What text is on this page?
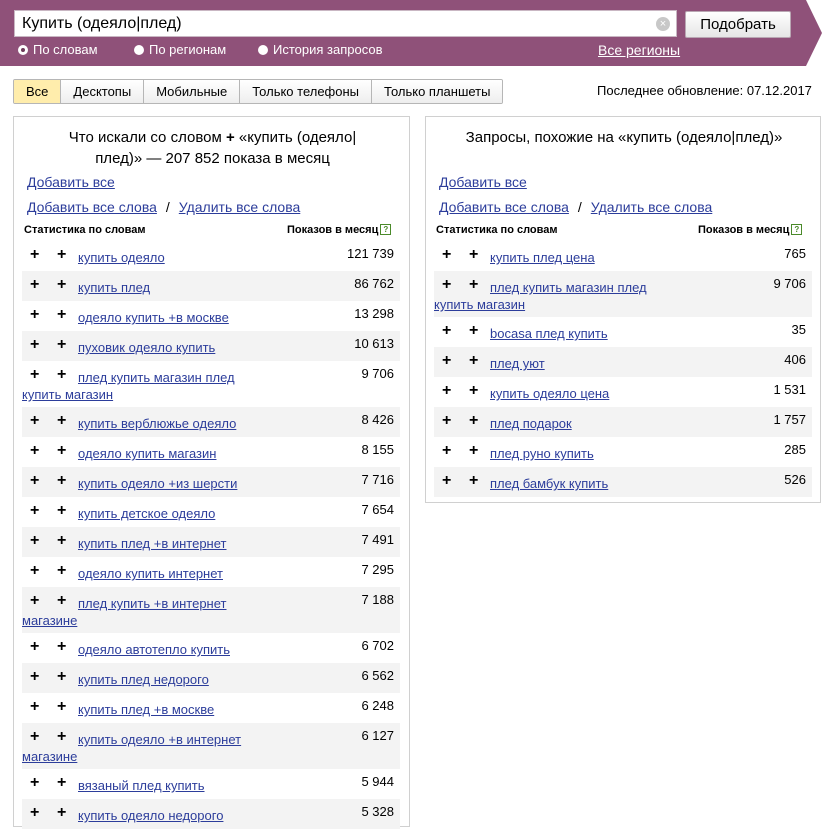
Купить (одеяло|плед)	×	Подобрать
По словам	По регионам	История запросов	Все регионы
Все	Десктопы	Мобильные	Только телефоны	Только планшеты	Последнее обновление: 07.12.2017
Что искали со словом + «купить (одеяло|
плед)» — 207 852 показа в месяц
Добавить все
Добавить все слова / Удалить все слова
Статистика по словам	Показов в месяц ?
+ + купить одеяло	121 739
+ + купить плед	86 762
+ + одеяло купить +в москве	13 298
+ + пуховик одеяло купить	10 613
+ + плед купить магазин плед купить магазин
9 706
+ + купить верблюжье одеяло	8 426
+ + одеяло купить магазин	8 155
+ + купить одеяло +из шерсти	7 716
+ + купить детское одеяло	7 654
+ + купить плед +в интернет	7 491
+ + одеяло купить интернет	7 295
+ + плед купить +в интернет магазине
7 188
+ + одеяло автотепло купить	6 702
+ + купить плед недорого	6 562
+ + купить плед +в москве	6 248
+ + купить одеяло +в интернет магазине
6 127
+ + вязаный плед купить	5 944
+ + купить одеяло недорого	5 328
Запросы, похожие на «купить (одеяло|плед)»
Добавить все
Добавить все слова / Удалить все слова
Статистика по словам	Показов в месяц ?
+ + купить плед цена	765
+ + плед купить магазин плед купить магазин
9 706
+ + bocasa плед купить	35
+ + плед уют	406
+ + купить одеяло цена	1 531
+ + плед подарок	1 757
+ + плед руно купить	285
+ + плед бамбук купить	526
